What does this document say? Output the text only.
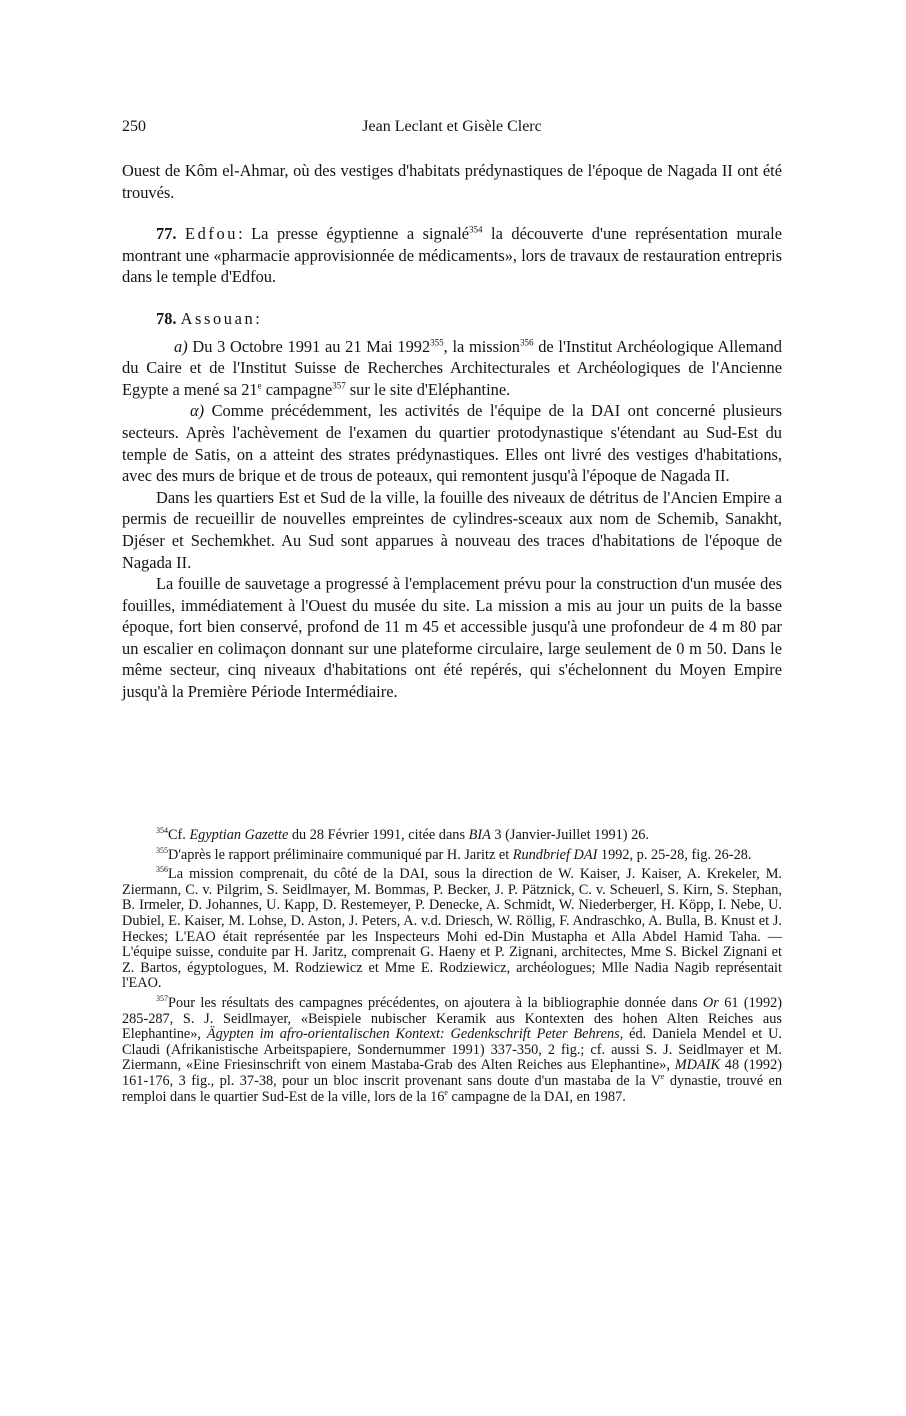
250	Jean Leclant et Gisèle Clerc

Ouest de Kôm el-Ahmar, où des vestiges d'habitats prédynastiques de l'époque de Nagada II ont été trouvés.

77. Edfou: La presse égyptienne a signalé$^{354}$ la découverte d'une représentation murale montrant une «pharmacie approvisionnée de médicaments», lors de travaux de restauration entrepris dans le temple d'Edfou.

78. Assouan:

a) Du 3 Octobre 1991 au 21 Mai 1992$^{355}$, la mission$^{356}$ de l'Institut Archéologique Allemand du Caire et de l'Institut Suisse de Recherches Architecturales et Archéologiques de l'Ancienne Egypte a mené sa 21e campagne$^{357}$ sur le site d'Eléphantine.

α) Comme précédemment, les activités de l'équipe de la DAI ont concerné plusieurs secteurs. Après l'achèvement de l'examen du quartier protodynastique s'étendant au Sud-Est du temple de Satis, on a atteint des strates prédynastiques. Elles ont livré des vestiges d'habitations, avec des murs de brique et de trous de poteaux, qui remontent jusqu'à l'époque de Nagada II.

Dans les quartiers Est et Sud de la ville, la fouille des niveaux de détritus de l'Ancien Empire a permis de recueillir de nouvelles empreintes de cylindres-sceaux aux nom de Schemib, Sanakht, Djéser et Sechemkhet. Au Sud sont apparues à nouveau des traces d'habitations de l'époque de Nagada II.

La fouille de sauvetage a progressé à l'emplacement prévu pour la construction d'un musée des fouilles, immédiatement à l'Ouest du musée du site. La mission a mis au jour un puits de la basse époque, fort bien conservé, profond de 11 m 45 et accessible jusqu'à une profondeur de 4 m 80 par un escalier en colimaçon donnant sur une plateforme circulaire, large seulement de 0 m 50. Dans le même secteur, cinq niveaux d'habitations ont été repérés, qui s'échelonnent du Moyen Empire jusqu'à la Première Période Intermédiaire.

$^{354}$Cf. Egyptian Gazette du 28 Février 1991, citée dans BIA 3 (Janvier-Juillet 1991) 26.

$^{355}$D'après le rapport préliminaire communiqué par H. Jaritz et Rundbrief DAI 1992, p. 25-28, fig. 26-28.

$^{356}$La mission comprenait, du côté de la DAI, sous la direction de W. Kaiser, J. Kaiser, A. Krekeler, M. Ziermann, C. v. Pilgrim, S. Seidlmayer, M. Bommas, P. Becker, J. P. Pätznick, C. v. Scheuerl, S. Kirn, S. Stephan, B. Irmeler, D. Johannes, U. Kapp, D. Restemeyer, P. Denecke, A. Schmidt, W. Niederberger, H. Köpp, I. Nebe, U. Dubiel, E. Kaiser, M. Lohse, D. Aston, J. Peters, A. v.d. Driesch, W. Röllig, F. Andraschko, A. Bulla, B. Knust et J. Heckes; L'EAO était représentée par les Inspecteurs Mohi ed-Din Mustapha et Alla Abdel Hamid Taha. — L'équipe suisse, conduite par H. Jaritz, comprenait G. Haeny et P. Zignani, architectes, Mme S. Bickel Zignani et Z. Bartos, égyptologues, M. Rodziewicz et Mme E. Rodziewicz, archéologues; Mlle Nadia Nagib représentait l'EAO.

$^{357}$Pour les résultats des campagnes précédentes, on ajoutera à la bibliographie donnée dans Or 61 (1992) 285-287, S. J. Seidlmayer, «Beispiele nubischer Keramik aus Kontexten des hohen Alten Reiches aus Elephantine», Ägypten im afro-orientalischen Kontext: Gedenkschrift Peter Behrens, éd. Daniela Mendel et U. Claudi (Afrikanistische Arbeitspapiere, Sondernummer 1991) 337-350, 2 fig.; cf. aussi S. J. Seidlmayer et M. Ziermann, «Eine Friesinschrift von einem Mastaba-Grab des Alten Reiches aus Elephantine», MDAIK 48 (1992) 161-176, 3 fig., pl. 37-38, pour un bloc inscrit provenant sans doute d'un mastaba de la Ve dynastie, trouvé en remploi dans le quartier Sud-Est de la ville, lors de la 16e campagne de la DAI, en 1987.
